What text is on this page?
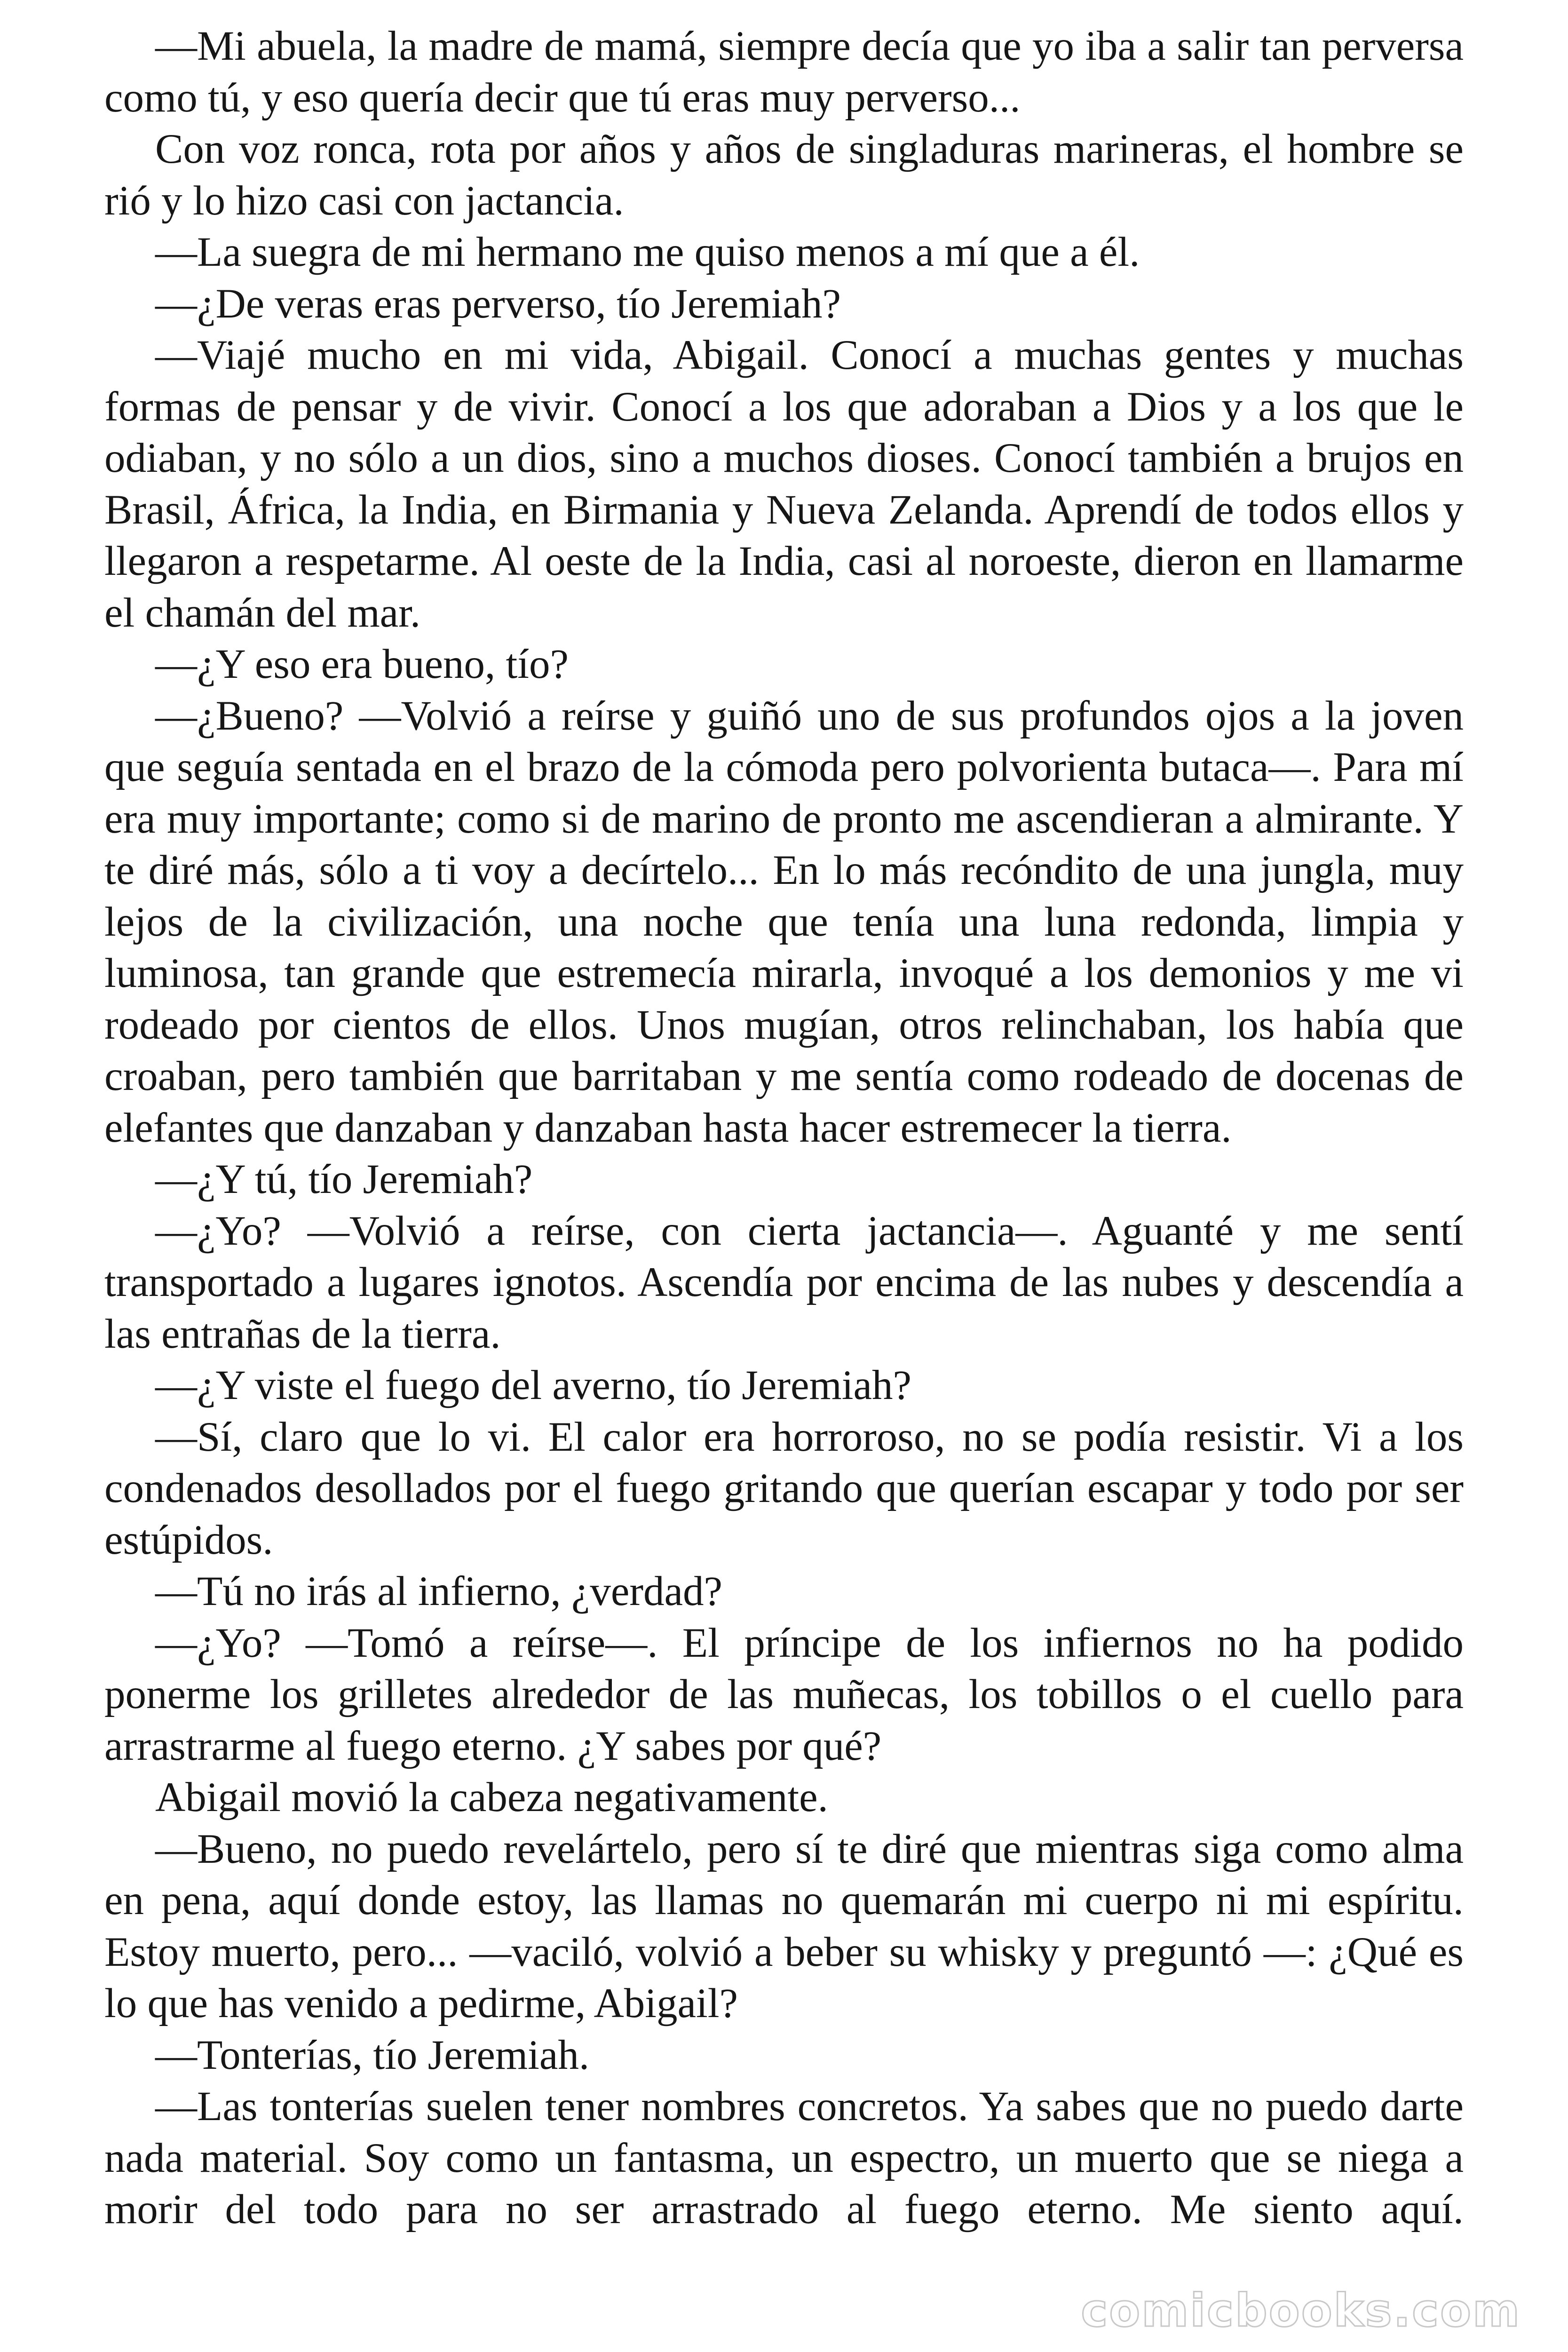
—Mi abuela, la madre de mamá, siempre decía que yo iba a salir tan perversa como tú, y eso quería decir que tú eras muy perverso...

Con voz ronca, rota por años y años de singladuras marineras, el hombre se rió y lo hizo casi con jactancia.

—La suegra de mi hermano me quiso menos a mí que a él.

—¿De veras eras perverso, tío Jeremiah?

—Viajé mucho en mi vida, Abigail. Conocí a muchas gentes y muchas formas de pensar y de vivir. Conocí a los que adoraban a Dios y a los que le odiaban, y no sólo a un dios, sino a muchos dioses. Conocí también a brujos en Brasil, África, la India, en Birmania y Nueva Zelanda. Aprendí de todos ellos y llegaron a respetarme. Al oeste de la India, casi al noroeste, dieron en llamarme el chamán del mar.

—¿Y eso era bueno, tío?

—¿Bueno? —Volvió a reírse y guiñó uno de sus profundos ojos a la joven que seguía sentada en el brazo de la cómoda pero polvorienta butaca—. Para mí era muy importante; como si de marino de pronto me ascendieran a almirante. Y te diré más, sólo a ti voy a decírtelo... En lo más recóndito de una jungla, muy lejos de la civilización, una noche que tenía una luna redonda, limpia y luminosa, tan grande que estremecía mirarla, invoqué a los demonios y me vi rodeado por cientos de ellos. Unos mugían, otros relinchaban, los había que croaban, pero también que barritaban y me sentía como rodeado de docenas de elefantes que danzaban y danzaban hasta hacer estremecer la tierra.

—¿Y tú, tío Jeremiah?

—¿Yo? —Volvió a reírse, con cierta jactancia—. Aguanté y me sentí transportado a lugares ignotos. Ascendía por encima de las nubes y descendía a las entrañas de la tierra.

—¿Y viste el fuego del averno, tío Jeremiah?

—Sí, claro que lo vi. El calor era horroroso, no se podía resistir. Vi a los condenados desollados por el fuego gritando que querían escapar y todo por ser estúpidos.

—Tú no irás al infierno, ¿verdad?

—¿Yo? —Tomó a reírse—. El príncipe de los infiernos no ha podido ponerme los grilletes alrededor de las muñecas, los tobillos o el cuello para arrastrarme al fuego eterno. ¿Y sabes por qué?

Abigail movió la cabeza negativamente.

—Bueno, no puedo revelártelo, pero sí te diré que mientras siga como alma en pena, aquí donde estoy, las llamas no quemarán mi cuerpo ni mi espíritu. Estoy muerto, pero... —vaciló, volvió a beber su whisky y preguntó —: ¿Qué es lo que has venido a pedirme, Abigail?

—Tonterías, tío Jeremiah.

—Las tonterías suelen tener nombres concretos. Ya sabes que no puedo darte nada material. Soy como un fantasma, un espectro, un muerto que se niega a morir del todo para no ser arrastrado al fuego eterno. Me siento aquí.

comicbooks.com
